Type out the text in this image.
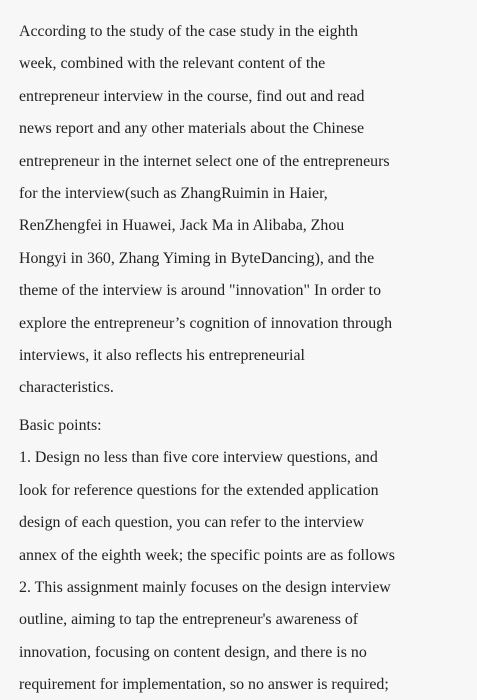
According to the study of the case study in the eighth
week, combined with the relevant content of the
entrepreneur interview in the course, find out and read
news report and any other materials about the Chinese
entrepreneur in the internet select one of the entrepreneurs
for the interview(such as ZhangRuimin in Haier,
RenZhengfei in Huawei, Jack Ma in Alibaba, Zhou
Hongyi in 360, Zhang Yiming in ByteDancing), and the
theme of the interview is around "innovation" In order to
explore the entrepreneur’s cognition of innovation through
interviews, it also reflects his entrepreneurial
characteristics.

Basic points:

1. Design no less than five core interview questions, and
look for reference questions for the extended application
design of each question, you can refer to the interview
annex of the eighth week; the specific points are as follows

2. This assignment mainly focuses on the design interview
outline, aiming to tap the entrepreneur's awareness of
innovation, focusing on content design, and there is no
requirement for implementation, so no answer is required;
